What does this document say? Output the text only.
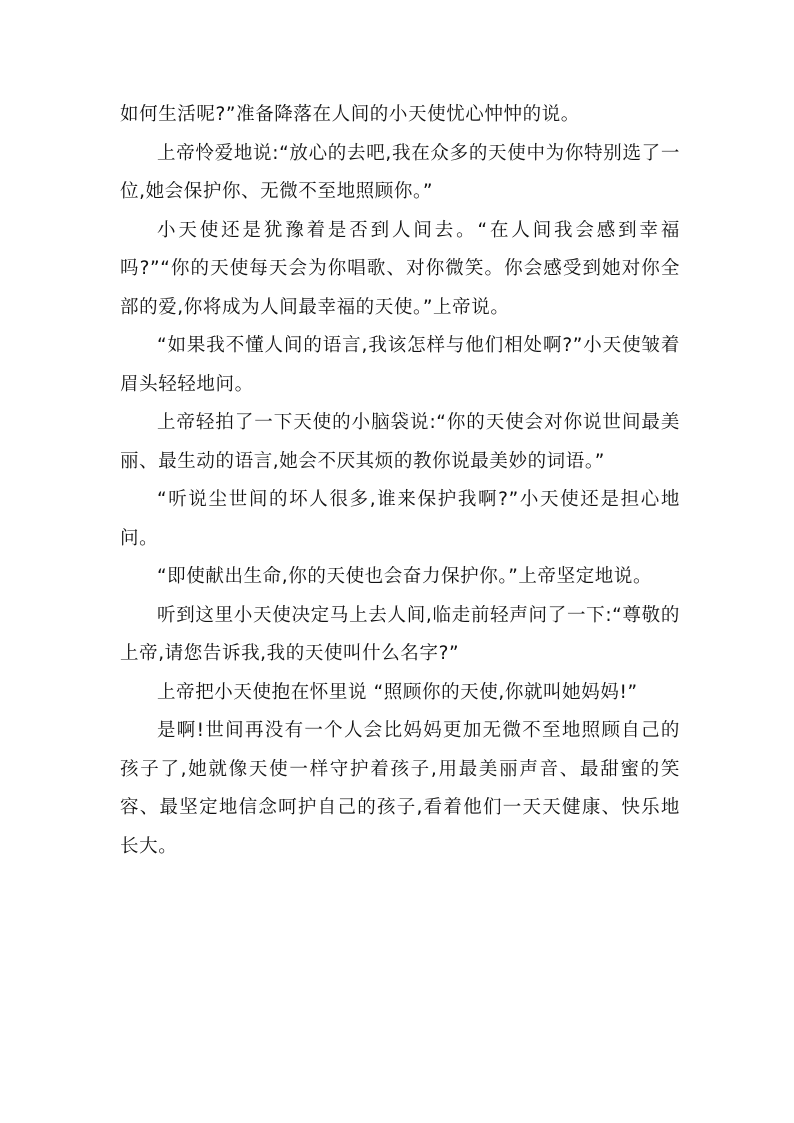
如何生活呢?”准备降落在人间的小天使忧心忡忡的说。

上帝怜爱地说:“放心的去吧,我在众多的天使中为你特别选了一位,她会保护你、无微不至地照顾你。”

小天使还是犹豫着是否到人间去。“在人间我会感到幸福吗?”“你的天使每天会为你唱歌、对你微笑。你会感受到她对你全部的爱,你将成为人间最幸福的天使。”上帝说。

“如果我不懂人间的语言,我该怎样与他们相处啊?”小天使皱着眉头轻轻地问。

上帝轻拍了一下天使的小脑袋说:“你的天使会对你说世间最美丽、最生动的语言,她会不厌其烦的教你说最美妙的词语。”

“听说尘世间的坏人很多,谁来保护我啊?”小天使还是担心地问。

“即使献出生命,你的天使也会奋力保护你。”上帝坚定地说。

听到这里小天使决定马上去人间,临走前轻声问了一下:“尊敬的上帝,请您告诉我,我的天使叫什么名字?”

上帝把小天使抱在怀里说 “照顾你的天使,你就叫她妈妈!”

是啊!世间再没有一个人会比妈妈更加无微不至地照顾自己的孩子了,她就像天使一样守护着孩子,用最美丽声音、最甜蜜的笑容、最坚定地信念呵护自己的孩子,看着他们一天天健康、快乐地长大。
